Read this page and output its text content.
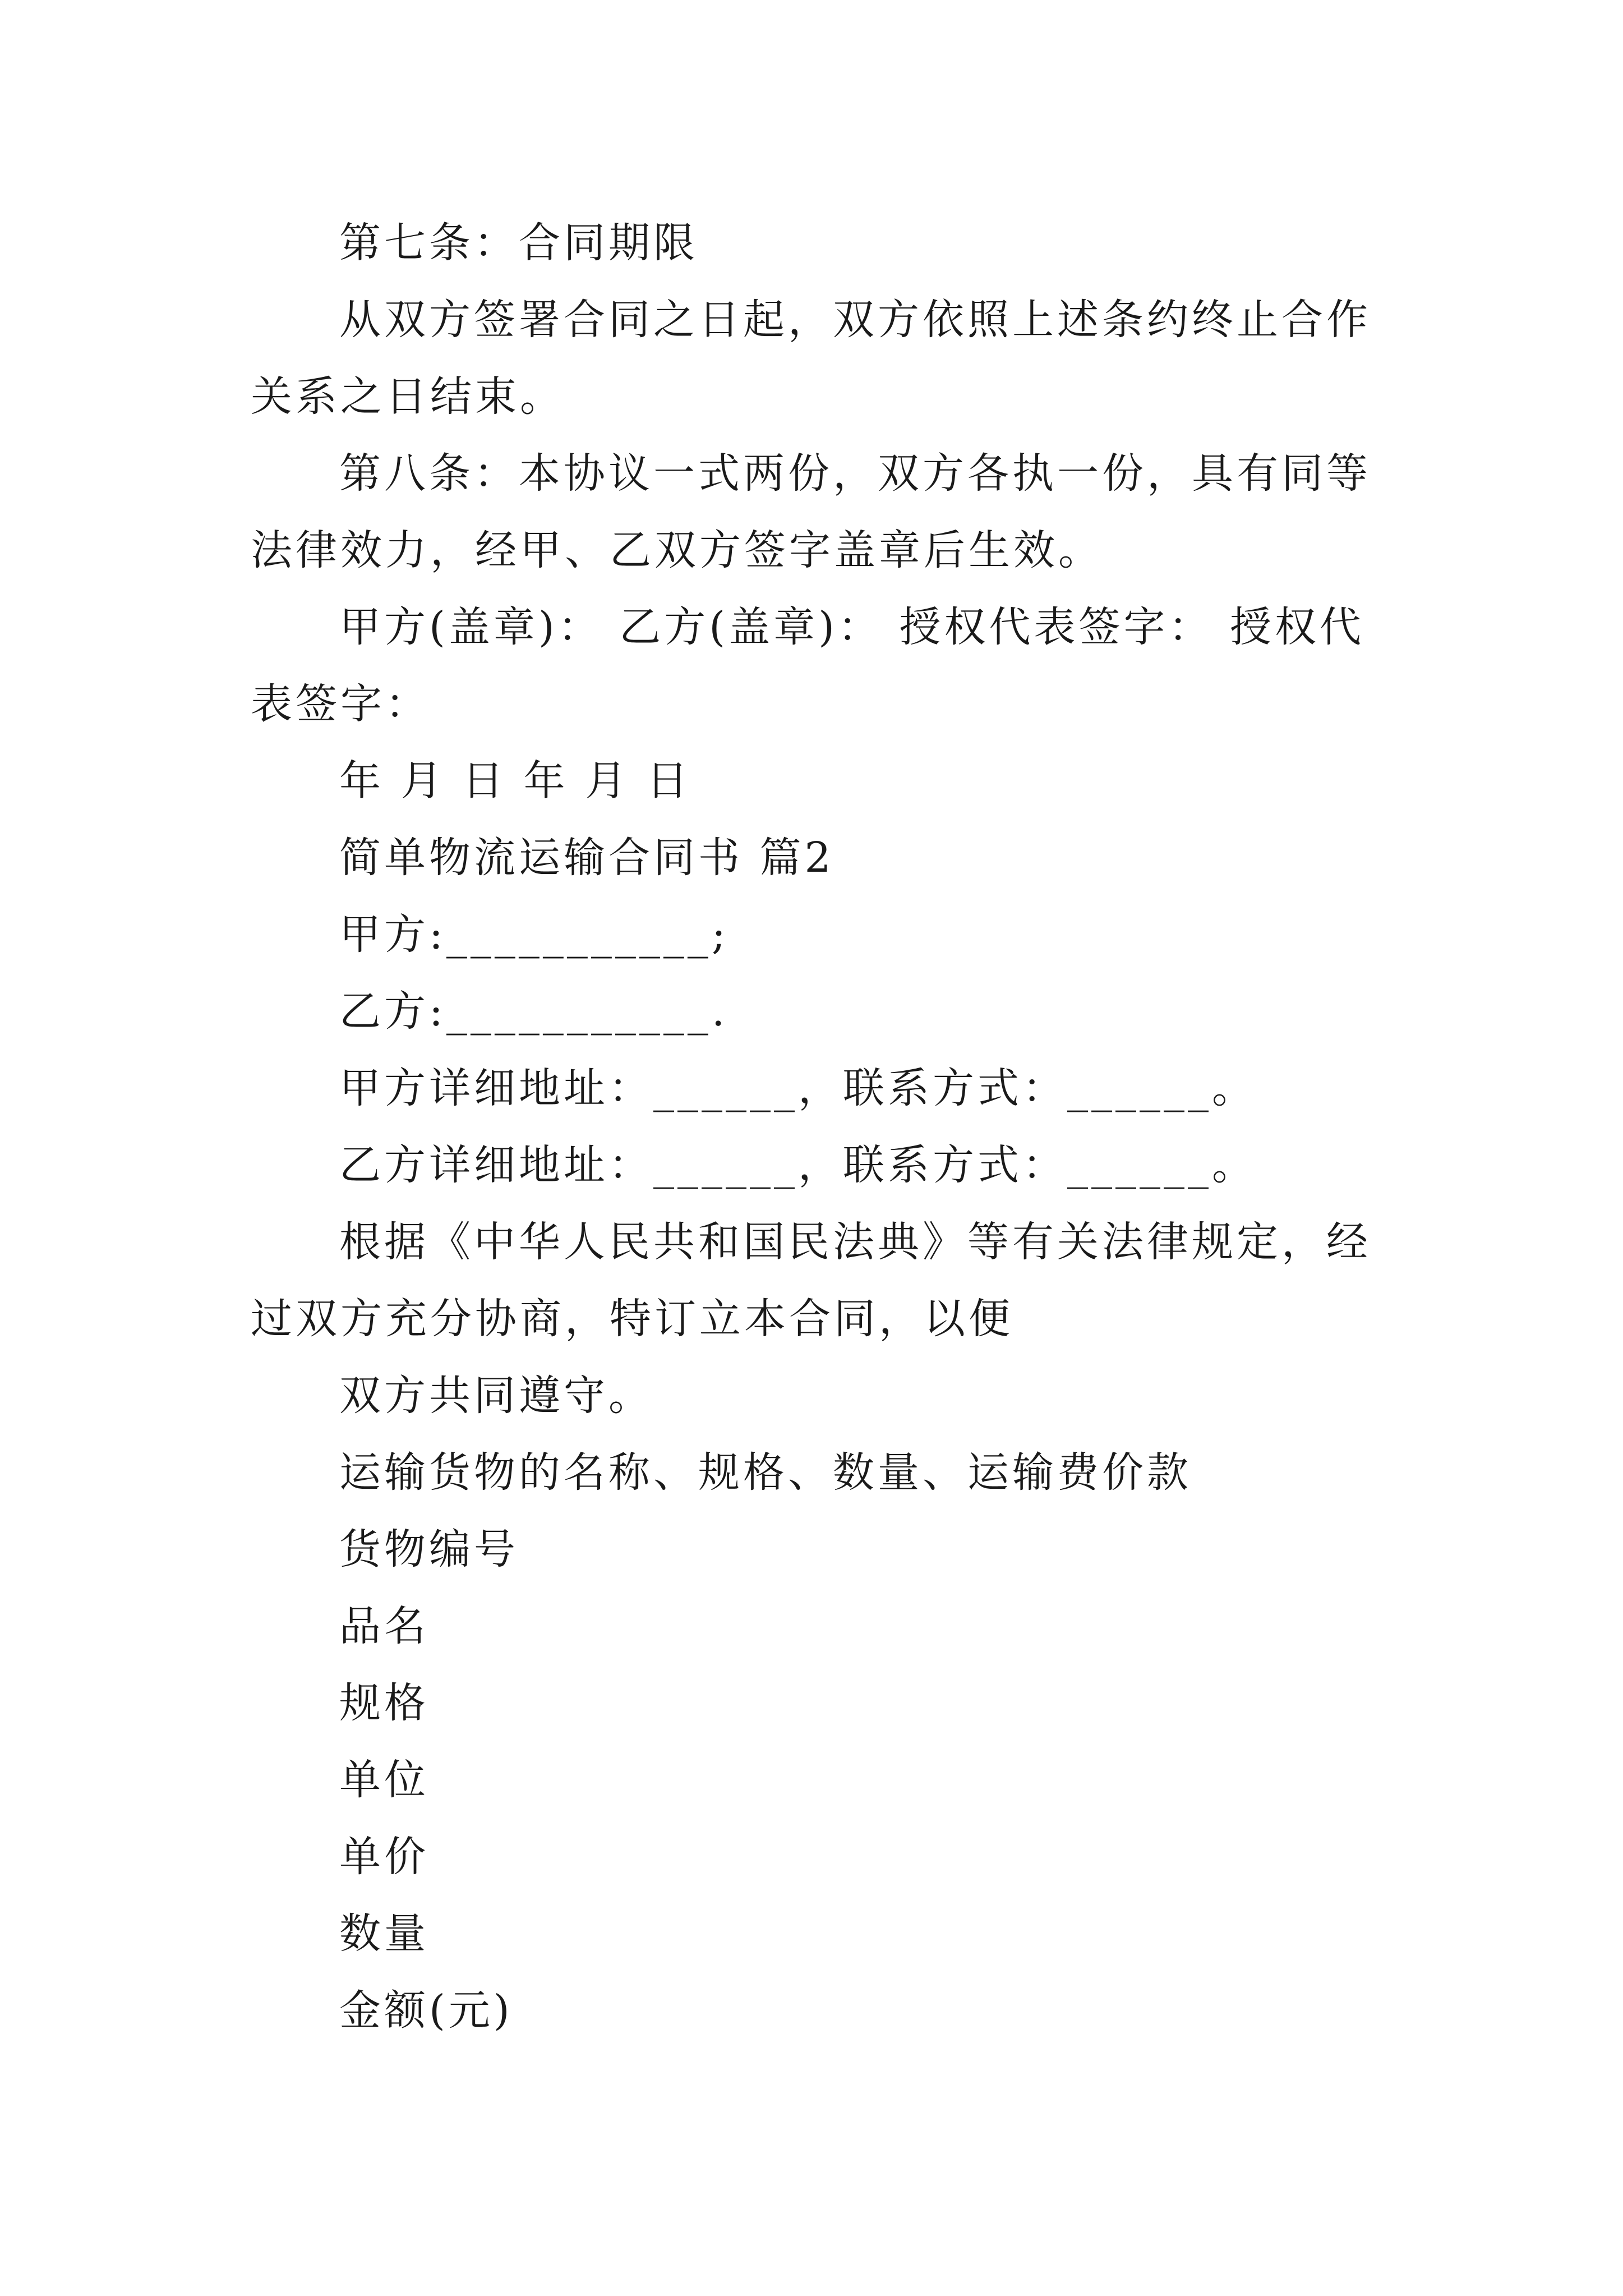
第七条：合同期限

从双方签署合同之日起，双方依照上述条约终止合作关系之日结束。

第八条：本协议一式两份，双方各执一份，具有同等法律效力，经甲、乙双方签字盖章后生效。

甲方(盖章)： 乙方(盖章)： 授权代表签字： 授权代表签字：

年 月 日 年 月 日

简单物流运输合同书 篇2

甲方:___________;

乙方:___________.

甲方详细地址：______，联系方式：______。

乙方详细地址：______，联系方式：______。

根据《中华人民共和国民法典》等有关法律规定，经过双方充分协商，特订立本合同，以便

双方共同遵守。

运输货物的名称、规格、数量、运输费价款

货物编号

品名

规格

单位

单价

数量

金额(元)
